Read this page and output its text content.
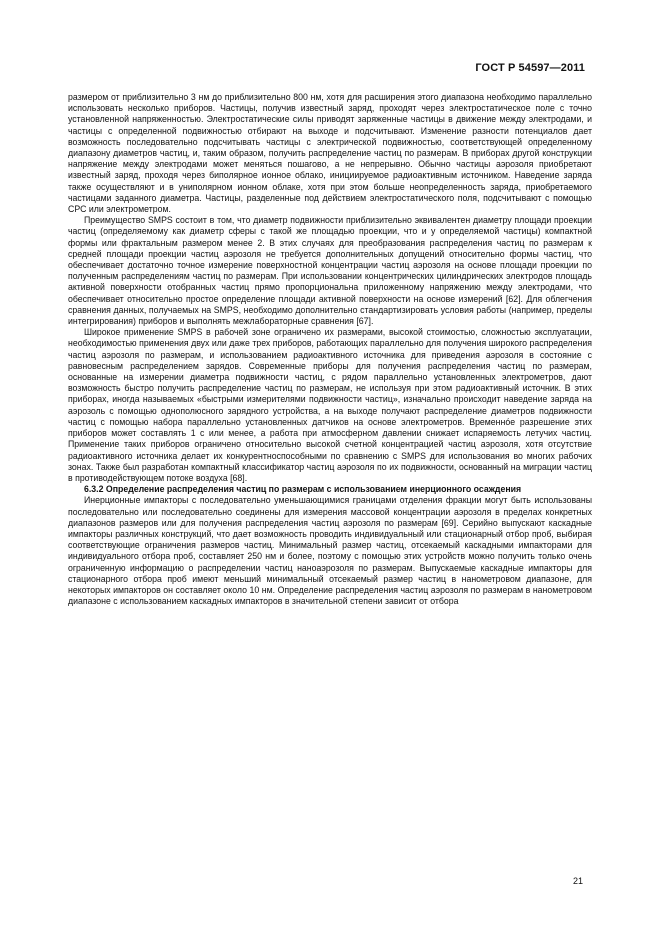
ГОСТ Р 54597—2011

размером от приблизительно 3 нм до приблизительно 800 нм, хотя для расширения этого диапазона необходимо параллельно использовать несколько приборов. Частицы, получив известный заряд, проходят через электростатическое поле с точно установленной напряженностью. Электростатические силы приводят заряженные частицы в движение между электродами, и частицы с определенной подвижностью отбирают на выходе и подсчитывают. Изменение разности потенциалов дает возможность последовательно подсчитывать частицы с электрической подвижностью, соответствующей определенному диапазону диаметров частиц, и, таким образом, получить распределение частиц по размерам. В приборах другой конструкции напряжение между электродами может меняться пошагово, а не непрерывно. Обычно частицы аэрозоля приобретают известный заряд, проходя через биполярное ионное облако, инициируемое радиоактивным источником. Наведение заряда также осуществляют и в униполярном ионном облаке, хотя при этом больше неопределенность заряда, приобретаемого частицами заданного диаметра. Частицы, разделенные под действием электростатического поля, подсчитывают с помощью CPC или электрометром.

Преимущество SMPS состоит в том, что диаметр подвижности приблизительно эквивалентен диаметру площади проекции частиц (определяемому как диаметр сферы с такой же площадью проекции, что и у определяемой частицы) компактной формы или фрактальным размером менее 2. В этих случаях для преобразования распределения частиц по размерам к средней площади проекции частиц аэрозоля не требуется дополнительных допущений относительно формы частиц, что обеспечивает достаточно точное измерение поверхностной концентрации частиц аэрозоля на основе площади проекции по полученным распределениям частиц по размерам. При использовании концентрических цилиндрических электродов площадь активной поверхности отобранных частиц прямо пропорциональна приложенному напряжению между электродами, что обеспечивает относительно простое определение площади активной поверхности на основе измерений [62]. Для облегчения сравнения данных, получаемых на SMPS, необходимо дополнительно стандартизировать условия работы (например, пределы интегрирования) приборов и выполнять межлабораторные сравнения [67].

Широкое применение SMPS в рабочей зоне ограничено их размерами, высокой стоимостью, сложностью эксплуатации, необходимостью применения двух или даже трех приборов, работающих параллельно для получения широкого распределения частиц аэрозоля по размерам, и использованием радиоактивного источника для приведения аэрозоля в состояние с равновесным распределением зарядов. Современные приборы для получения распределения частиц по размерам, основанные на измерении диаметра подвижности частиц, с рядом параллельно установленных электрометров, дают возможность быстро получить распределение частиц по размерам, не используя при этом радиоактивный источник. В этих приборах, иногда называемых «быстрыми измерителями подвижности частиц», изначально происходит наведение заряда на аэрозоль с помощью однополюсного зарядного устройства, а на выходе получают распределение диаметров подвижности частиц с помощью набора параллельно установленных датчиков на основе электрометров. Временно́е разрешение этих приборов может составлять 1 с или менее, а работа при атмосферном давлении снижает испаряемость летучих частиц. Применение таких приборов ограничено относительно высокой счетной концентрацией частиц аэрозоля, хотя отсутствие радиоактивного источника делает их конкурентноспособными по сравнению с SMPS для использования во многих рабочих зонах. Также был разработан компактный классификатор частиц аэрозоля по их подвижности, основанный на миграции частиц в противодействующем потоке воздуха [68].

6.3.2 Определение распределения частиц по размерам с использованием инерционного осаждения

Инерционные импакторы с последовательно уменьшающимися границами отделения фракции могут быть использованы последовательно или последовательно соединены для измерения массовой концентрации аэрозоля в пределах конкретных диапазонов размеров или для получения распределения частиц аэрозоля по размерам [69]. Серийно выпускают каскадные импакторы различных конструкций, что дает возможность проводить индивидуальный или стационарный отбор проб, выбирая соответствующие ограничения размеров частиц. Минимальный размер частиц, отсекаемый каскадными импакторами для индивидуального отбора проб, составляет 250 нм и более, поэтому с помощью этих устройств можно получить только очень ограниченную информацию о распределении частиц наноаэрозоля по размерам. Выпускаемые каскадные импакторы для стационарного отбора проб имеют меньший минимальный отсекаемый размер частиц в нанометровом диапазоне, для некоторых импакторов он составляет около 10 нм. Определение распределения частиц аэрозоля по размерам в нанометровом диапазоне с использованием каскадных импакторов в значительной степени зависит от отбора

21
